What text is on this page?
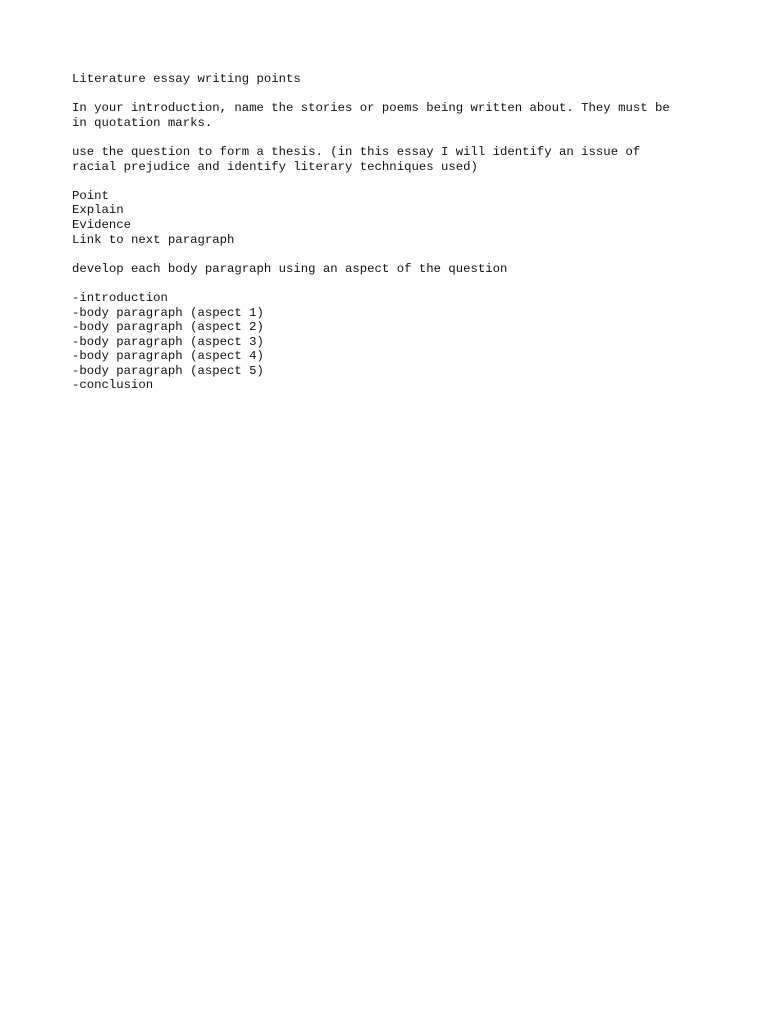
Literature essay writing points
In your introduction, name the stories or poems being written about. They must be
in quotation marks.
use the question to form a thesis. (in this essay I will identify an issue of
racial prejudice and identify literary techniques used)
Point
Explain
Evidence
Link to next paragraph
develop each body paragraph using an aspect of the question
-introduction
-body paragraph (aspect 1)
-body paragraph (aspect 2)
-body paragraph (aspect 3)
-body paragraph (aspect 4)
-body paragraph (aspect 5)
-conclusion
